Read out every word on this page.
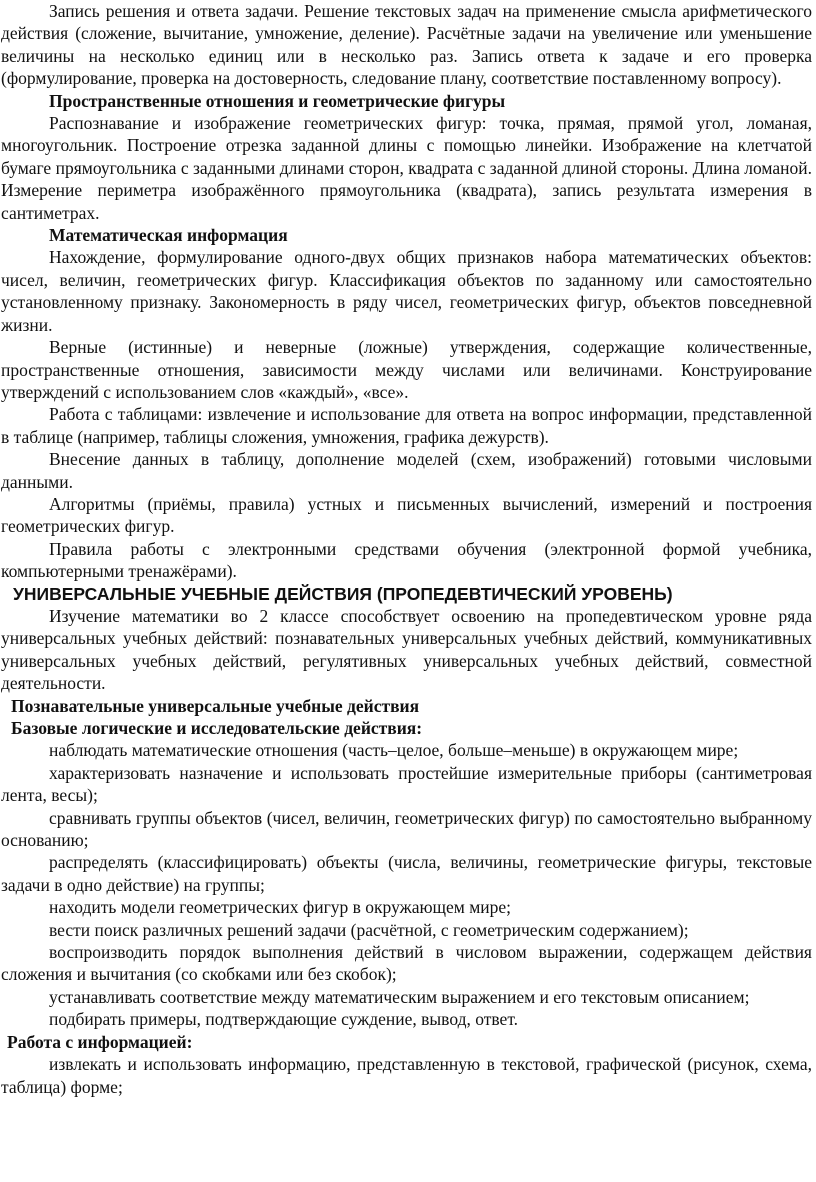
Запись решения и ответа задачи. Решение текстовых задач на применение смысла арифметического действия (сложение, вычитание, умножение, деление). Расчётные задачи на увеличение или уменьшение величины на несколько единиц или в несколько раз. Запись ответа к задаче и его проверка (формулирование, проверка на достоверность, следование плану, соответствие поставленному вопросу).

Пространственные отношения и геометрические фигуры

Распознавание и изображение геометрических фигур: точка, прямая, прямой угол, ломаная, многоугольник. Построение отрезка заданной длины с помощью линейки. Изображение на клетчатой бумаге прямоугольника с заданными длинами сторон, квадрата с заданной длиной стороны. Длина ломаной. Измерение периметра изображённого прямоугольника (квадрата), запись результата измерения в сантиметрах.

Математическая информация

Нахождение, формулирование одного-двух общих признаков набора математических объектов: чисел, величин, геометрических фигур. Классификация объектов по заданному или самостоятельно установленному признаку. Закономерность в ряду чисел, геометрических фигур, объектов повседневной жизни.

Верные (истинные) и неверные (ложные) утверждения, содержащие количественные, пространственные отношения, зависимости между числами или величинами. Конструирование утверждений с использованием слов «каждый», «все».

Работа с таблицами: извлечение и использование для ответа на вопрос информации, представленной в таблице (например, таблицы сложения, умножения, графика дежурств).

Внесение данных в таблицу, дополнение моделей (схем, изображений) готовыми числовыми данными.

Алгоритмы (приёмы, правила) устных и письменных вычислений, измерений и построения геометрических фигур.

Правила работы с электронными средствами обучения (электронной формой учебника, компьютерными тренажёрами).

УНИВЕРСАЛЬНЫЕ УЧЕБНЫЕ ДЕЙСТВИЯ (ПРОПЕДЕВТИЧЕСКИЙ УРОВЕНЬ)

Изучение математики во 2 классе способствует освоению на пропедевтическом уровне ряда универсальных учебных действий: познавательных универсальных учебных действий, коммуникативных универсальных учебных действий, регулятивных универсальных учебных действий, совместной деятельности.

Познавательные универсальные учебные действия

Базовые логические и исследовательские действия:

наблюдать математические отношения (часть–целое, больше–меньше) в окружающем мире;

характеризовать назначение и использовать простейшие измерительные приборы (сантиметровая лента, весы);

сравнивать группы объектов (чисел, величин, геометрических фигур) по самостоятельно выбранному основанию;

распределять (классифицировать) объекты (числа, величины, геометрические фигуры, текстовые задачи в одно действие) на группы;

находить модели геометрических фигур в окружающем мире;

вести поиск различных решений задачи (расчётной, с геометрическим содержанием);

воспроизводить порядок выполнения действий в числовом выражении, содержащем действия сложения и вычитания (со скобками или без скобок);

устанавливать соответствие между математическим выражением и его текстовым описанием;

подбирать примеры, подтверждающие суждение, вывод, ответ.

Работа с информацией:

извлекать и использовать информацию, представленную в текстовой, графической (рисунок, схема, таблица) форме;
